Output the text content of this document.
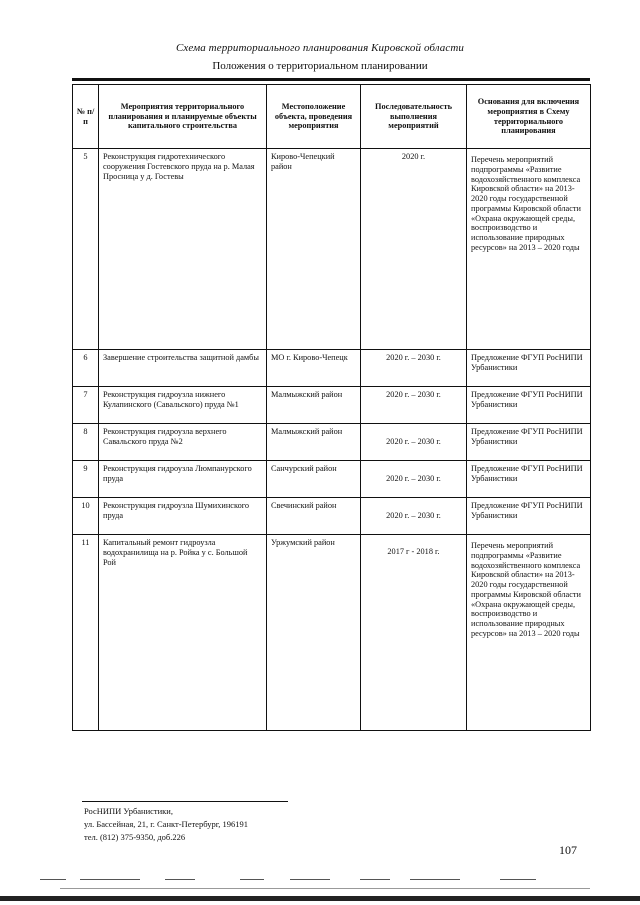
Схема территориального планирования Кировской области
Положения о территориальном планировании
№ п/п	Мероприятия территориального планирования и планируемые объекты капитального строительства	Местоположение объекта, проведения мероприятия	Последовательность выполнения мероприятий	Основания для включения мероприятия в Схему территориального планирования
5	Реконструкция гидротехнического сооружения Гостевского пруда на р. Малая Просница у д. Гостевы	Кирово-Чепецкий район	2020 г.	Перечень мероприятий подпрограммы «Развитие водохозяйственного комплекса Кировской области» на 2013-2020 годы государственной программы Кировской области «Охрана окружающей среды, воспроизводство и использование природных ресурсов» на 2013 – 2020 годы
6	Завершение строительства защитной дамбы	МО г. Кирово-Чепецк	2020 г. – 2030 г.	Предложение ФГУП РосНИПИ Урбанистики
7	Реконструкция гидроузла нижнего Кулапинского (Савальского) пруда №1	Малмыжский район	2020 г. – 2030 г.	Предложение ФГУП РосНИПИ Урбанистики
8	Реконструкция гидроузла верхнего Савальского пруда №2	Малмыжский район	2020 г. – 2030 г.	Предложение ФГУП РосНИПИ Урбанистики
9	Реконструкция гидроузла Люмпанурского пруда	Санчурский район	2020 г. – 2030 г.	Предложение ФГУП РосНИПИ Урбанистики
10	Реконструкция гидроузла Шумихинского пруда	Свечинский район	2020 г. – 2030 г.	Предложение ФГУП РосНИПИ Урбанистики
11	Капитальный ремонт гидроузла водохранилища на р. Ройка у с. Большой Рой	Уржумский район	2017 г - 2018 г.	Перечень мероприятий подпрограммы «Развитие водохозяйственного комплекса Кировской области» на 2013-2020 годы государственной программы Кировской области «Охрана окружающей среды, воспроизводство и использование природных ресурсов» на 2013 – 2020 годы
РосНИПИ Урбанистики,
ул. Бассейная, 21, г. Санкт-Петербург, 196191
тел. (812) 375-9350, доб.226
107
